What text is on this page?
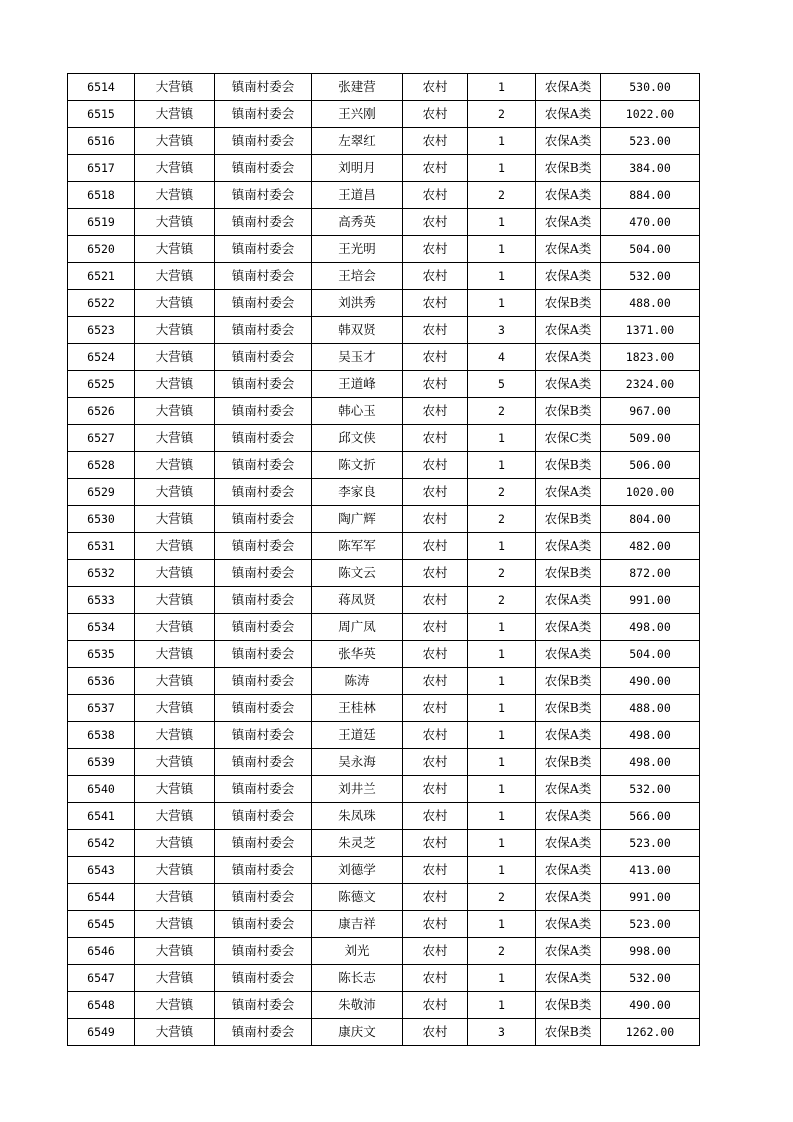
6514	大营镇	镇南村委会	张建营	农村	1	农保A类	530.00
6515	大营镇	镇南村委会	王兴刚	农村	2	农保A类	1022.00
6516	大营镇	镇南村委会	左翠红	农村	1	农保A类	523.00
6517	大营镇	镇南村委会	刘明月	农村	1	农保B类	384.00
6518	大营镇	镇南村委会	王道昌	农村	2	农保A类	884.00
6519	大营镇	镇南村委会	高秀英	农村	1	农保A类	470.00
6520	大营镇	镇南村委会	王光明	农村	1	农保A类	504.00
6521	大营镇	镇南村委会	王培会	农村	1	农保A类	532.00
6522	大营镇	镇南村委会	刘洪秀	农村	1	农保B类	488.00
6523	大营镇	镇南村委会	韩双贤	农村	3	农保A类	1371.00
6524	大营镇	镇南村委会	吴玉才	农村	4	农保A类	1823.00
6525	大营镇	镇南村委会	王道峰	农村	5	农保A类	2324.00
6526	大营镇	镇南村委会	韩心玉	农村	2	农保B类	967.00
6527	大营镇	镇南村委会	邱文侠	农村	1	农保C类	509.00
6528	大营镇	镇南村委会	陈文折	农村	1	农保B类	506.00
6529	大营镇	镇南村委会	李家良	农村	2	农保A类	1020.00
6530	大营镇	镇南村委会	陶广辉	农村	2	农保B类	804.00
6531	大营镇	镇南村委会	陈军军	农村	1	农保A类	482.00
6532	大营镇	镇南村委会	陈文云	农村	2	农保B类	872.00
6533	大营镇	镇南村委会	蒋凤贤	农村	2	农保A类	991.00
6534	大营镇	镇南村委会	周广凤	农村	1	农保A类	498.00
6535	大营镇	镇南村委会	张华英	农村	1	农保A类	504.00
6536	大营镇	镇南村委会	陈涛	农村	1	农保B类	490.00
6537	大营镇	镇南村委会	王桂林	农村	1	农保B类	488.00
6538	大营镇	镇南村委会	王道廷	农村	1	农保A类	498.00
6539	大营镇	镇南村委会	吴永海	农村	1	农保B类	498.00
6540	大营镇	镇南村委会	刘井兰	农村	1	农保A类	532.00
6541	大营镇	镇南村委会	朱凤珠	农村	1	农保A类	566.00
6542	大营镇	镇南村委会	朱灵芝	农村	1	农保A类	523.00
6543	大营镇	镇南村委会	刘德学	农村	1	农保A类	413.00
6544	大营镇	镇南村委会	陈德文	农村	2	农保A类	991.00
6545	大营镇	镇南村委会	康吉祥	农村	1	农保A类	523.00
6546	大营镇	镇南村委会	刘光	农村	2	农保A类	998.00
6547	大营镇	镇南村委会	陈长志	农村	1	农保A类	532.00
6548	大营镇	镇南村委会	朱敬沛	农村	1	农保B类	490.00
6549	大营镇	镇南村委会	康庆文	农村	3	农保B类	1262.00
